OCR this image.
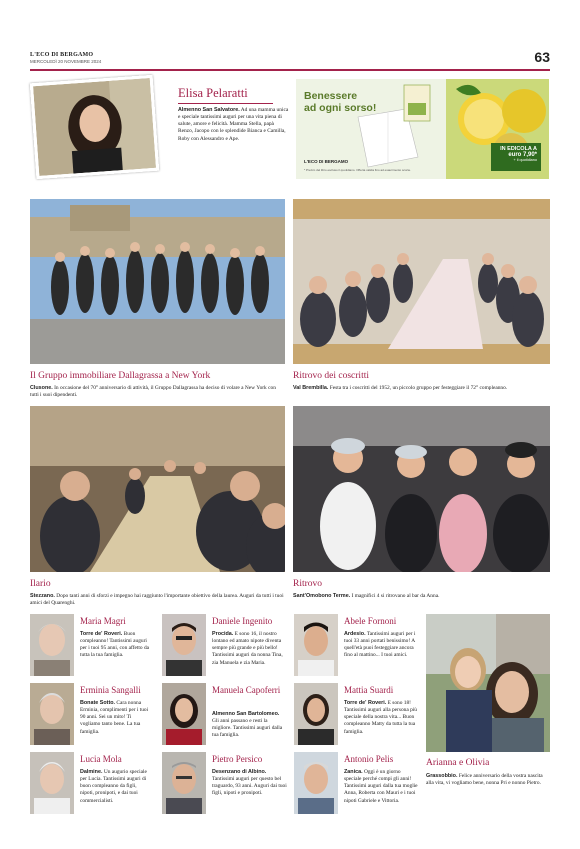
L'ECO DI BERGAMO
MERCOLEDÌ 20 NOVEMBRE 2024	63
Elisa Pelaratti
Almenno San Salvatore. Ad una mamma unica e speciale tantissimi auguri per una vita piena di salute, amore e felicità. Mamma Stella, papà Renzo, Jacopo con le splendide Bianca e Camilla, Roby con Alessandro e Ape.
Benessere
ad ogni sorso!
L'ECO DI BERGAMO
* Prezzo del libro escluso il quotidiano. Offerta valida fino ad esaurimento scorte.
IN EDICOLA A
euro 7,90*
+ il quotidiano
Il Gruppo immobiliare Dallagrassa a New York
Clusone. In occasione del 70° anniversario di attività, il Gruppo Dallagrassa ha deciso di volare a New York con tutti i suoi dipendenti.
Ritrovo dei coscritti
Val Brembilla. Festa tra i coscritti del 1952, un piccolo gruppo per festeggiare il 72° compleanno.
Ilario
Stezzano. Dopo tanti anni di sforzi e impegno hai raggiunto l'importante obiettivo della laurea. Auguri da tutti i tuoi amici del Quarenghi.
Ritrovo
Sant'Omobono Terme. I magnifici 4 si ritrovano al bar da Anna.
Maria Magri
Torre de' Roveri. Buon compleanno! Tantissimi auguri per i tuoi 95 anni, con affetto da tutta la tua famiglia.
Daniele Ingenito
Procida. E sono 16, il nostro lontano ed amato nipote diventa sempre più grande e più bello! Tantissimi auguri da nonna Tina, zia Manuela e zia Maria.
Abele Fornoni
Ardesio. Tantissimi auguri per i tuoi 33 anni portati benissimo! A quell'età puoi festeggiare ancora fino al mattino... I tuoi amici.
Erminia Sangalli
Bonate Sotto. Cara nonna Erminia, complimenti per i tuoi 90 anni. Sei un mito! Ti vogliamo tanto bene. La tua famiglia.
Manuela Capoferri
Almenno San Bartolomeo. Gli anni passano e resti la migliore. Tantissimi auguri dalla tua famiglia.
Mattia Suardi
Torre de' Roveri. E sono 18! Tantissimi auguri alla persona più speciale della nostra vita... Buon compleanno Matty da tutta la tua famiglia.
Lucia Mola
Dalmine. Un augurio speciale per Lucia. Tantissimi auguri di buon compleanno da figli, nipoti, pronipoti, e dai tuoi commercialisti.
Pietro Persico
Desenzano di Albino. Tantissimi auguri per questo bel traguardo, 93 anni. Auguri dai tuoi figli, nipoti e pronipoti.
Antonio Pelis
Zanica. Oggi è un giorno speciale perché compi gli anni! Tantissimi auguri dalla tua moglie Anna, Roberta con Mauri e i tuoi nipoti Gabriele e Vittoria.
Arianna e Olivia
Grassobbio. Felice anniversario della vostra nascita alla vita, vi vogliamo bene, nonna Pri e nonno Pietro.
